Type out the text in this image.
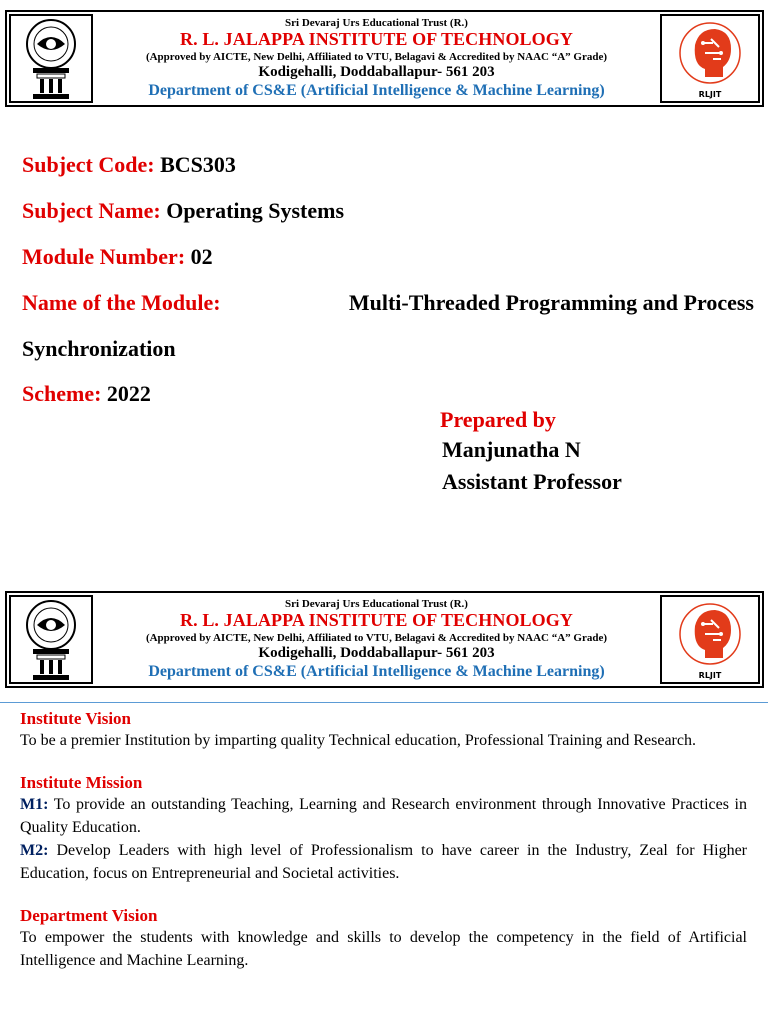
Sri Devaraj Urs Educational Trust (R.)
R. L. JALAPPA INSTITUTE OF TECHNOLOGY
(Approved by AICTE, New Delhi, Affiliated to VTU, Belagavi & Accredited by NAAC “A” Grade)
Kodigehalli, Doddaballapur- 561 203
Department of CS&E (Artificial Intelligence & Machine Learning)	RLJIT
Subject Code: BCS303
Subject Name: Operating Systems
Module Number: 02
Name of the Module:	Multi-Threaded Programming and Process
Synchronization
Scheme: 2022
Prepared by
Manjunatha N
Assistant Professor
Sri Devaraj Urs Educational Trust (R.)
R. L. JALAPPA INSTITUTE OF TECHNOLOGY
(Approved by AICTE, New Delhi, Affiliated to VTU, Belagavi & Accredited by NAAC “A” Grade)
Kodigehalli, Doddaballapur- 561 203
Department of CS&E (Artificial Intelligence & Machine Learning)	RLJIT
Institute Vision
To be a premier Institution by imparting quality Technical education, Professional Training and Research.
Institute Mission
M1: To provide an outstanding Teaching, Learning and Research environment through Innovative Practices in Quality Education.
M2: Develop Leaders with high level of Professionalism to have career in the Industry, Zeal for Higher Education, focus on Entrepreneurial and Societal activities.
Department Vision
To empower the students with knowledge and skills to develop the competency in the field of Artificial Intelligence and Machine Learning.
